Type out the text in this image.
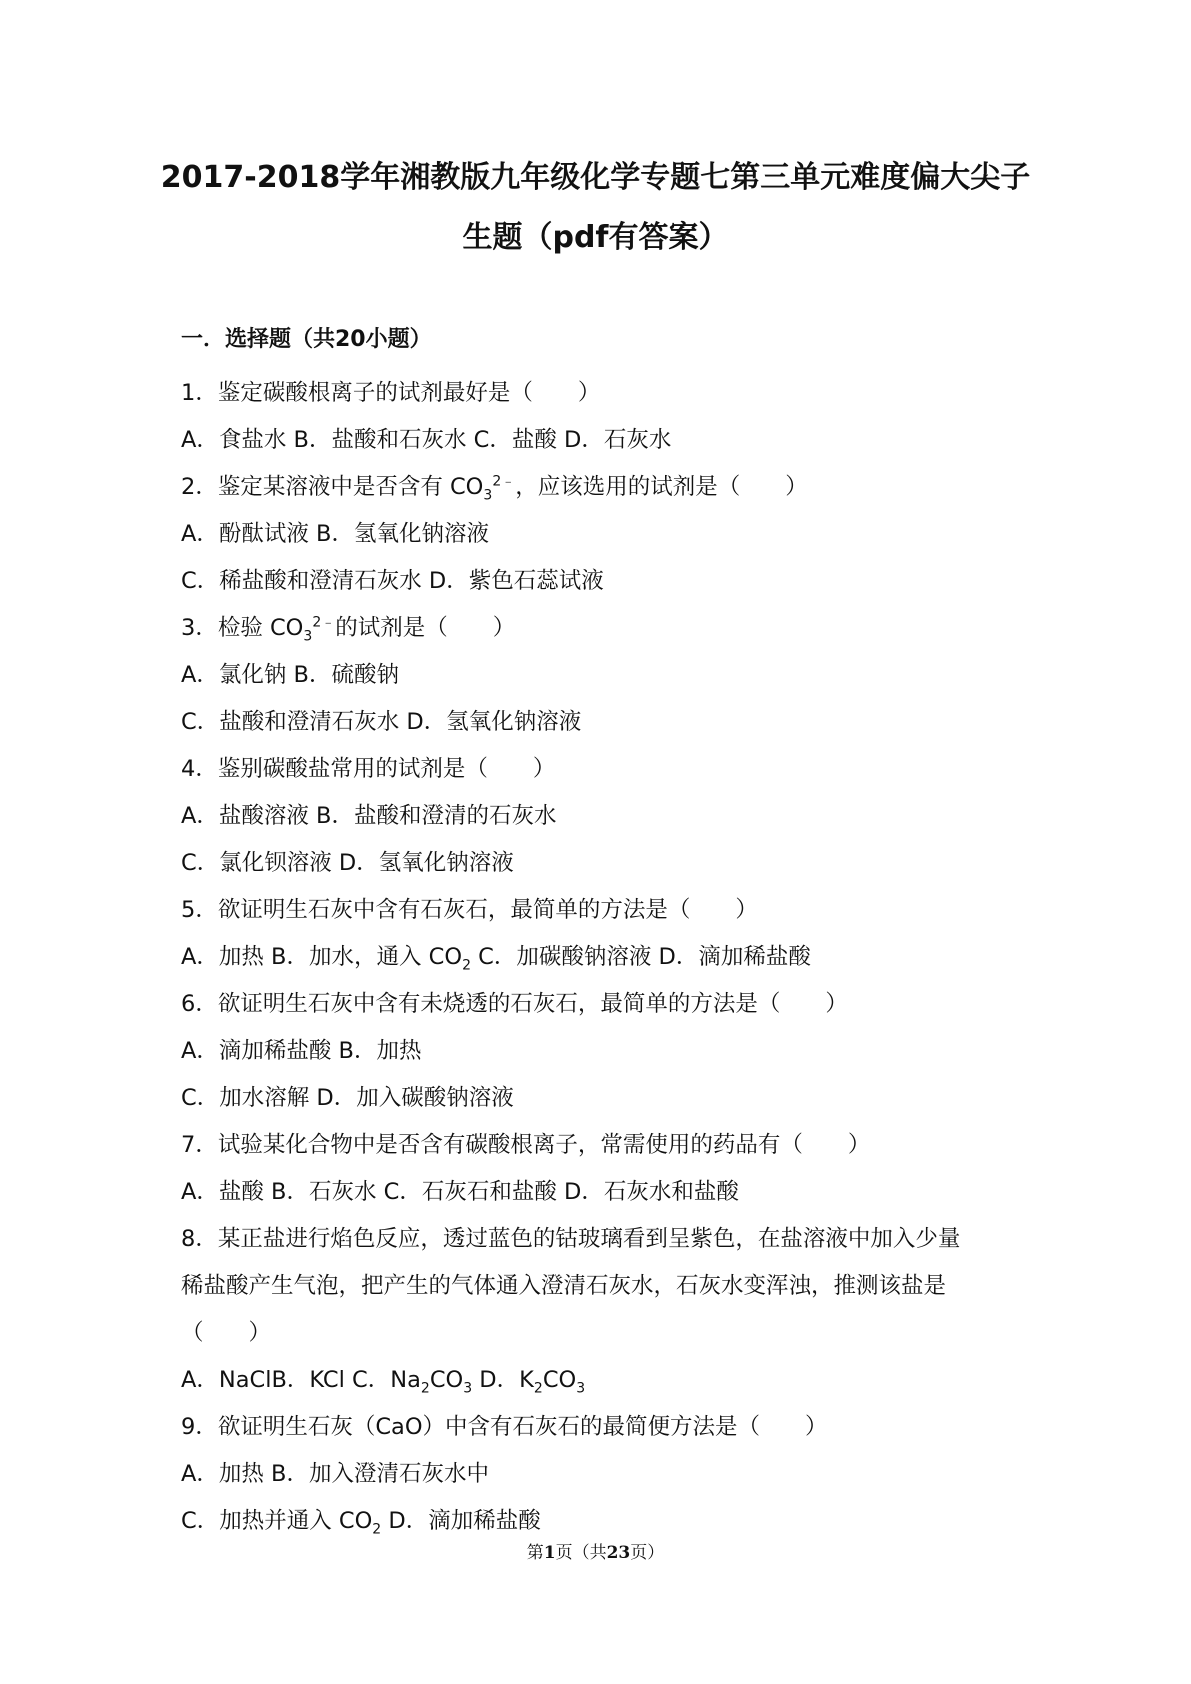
2017-2018学年湘教版九年级化学专题七第三单元难度偏大尖子
生题（pdf有答案）
一．选择题（共20小题）
1．鉴定碳酸根离子的试剂最好是（　　）
A．食盐水 B．盐酸和石灰水 C．盐酸 D．石灰水
2．鉴定某溶液中是否含有 $CO_3^{2﹣}$，应该选用的试剂是（　　）
A．酚酞试液 B．氢氧化钠溶液
C．稀盐酸和澄清石灰水 D．紫色石蕊试液
3．检验 $CO_3^{2﹣}$的试剂是（　　）
A．氯化钠 B．硫酸钠
C．盐酸和澄清石灰水 D．氢氧化钠溶液
4．鉴别碳酸盐常用的试剂是（　　）
A．盐酸溶液 B．盐酸和澄清的石灰水
C．氯化钡溶液 D．氢氧化钠溶液
5．欲证明生石灰中含有石灰石，最简单的方法是（　　）
A．加热 B．加水，通入 $CO_2$ C．加碳酸钠溶液 D．滴加稀盐酸
6．欲证明生石灰中含有未烧透的石灰石，最简单的方法是（　　）
A．滴加稀盐酸 B．加热
C．加水溶解 D．加入碳酸钠溶液
7．试验某化合物中是否含有碳酸根离子，常需使用的药品有（　　）
A．盐酸 B．石灰水 C．石灰石和盐酸 D．石灰水和盐酸
8．某正盐进行焰色反应，透过蓝色的钴玻璃看到呈紫色，在盐溶液中加入少量
稀盐酸产生气泡，把产生的气体通入澄清石灰水，石灰水变浑浊，推测该盐是
（　　）
A．NaClB．KCl C．$Na_2CO_3$ D．$K_2CO_3$
9．欲证明生石灰（CaO）中含有石灰石的最简便方法是（　　）
A．加热 B．加入澄清石灰水中
C．加热并通入 $CO_2$ D．滴加稀盐酸
第1页（共23页）
